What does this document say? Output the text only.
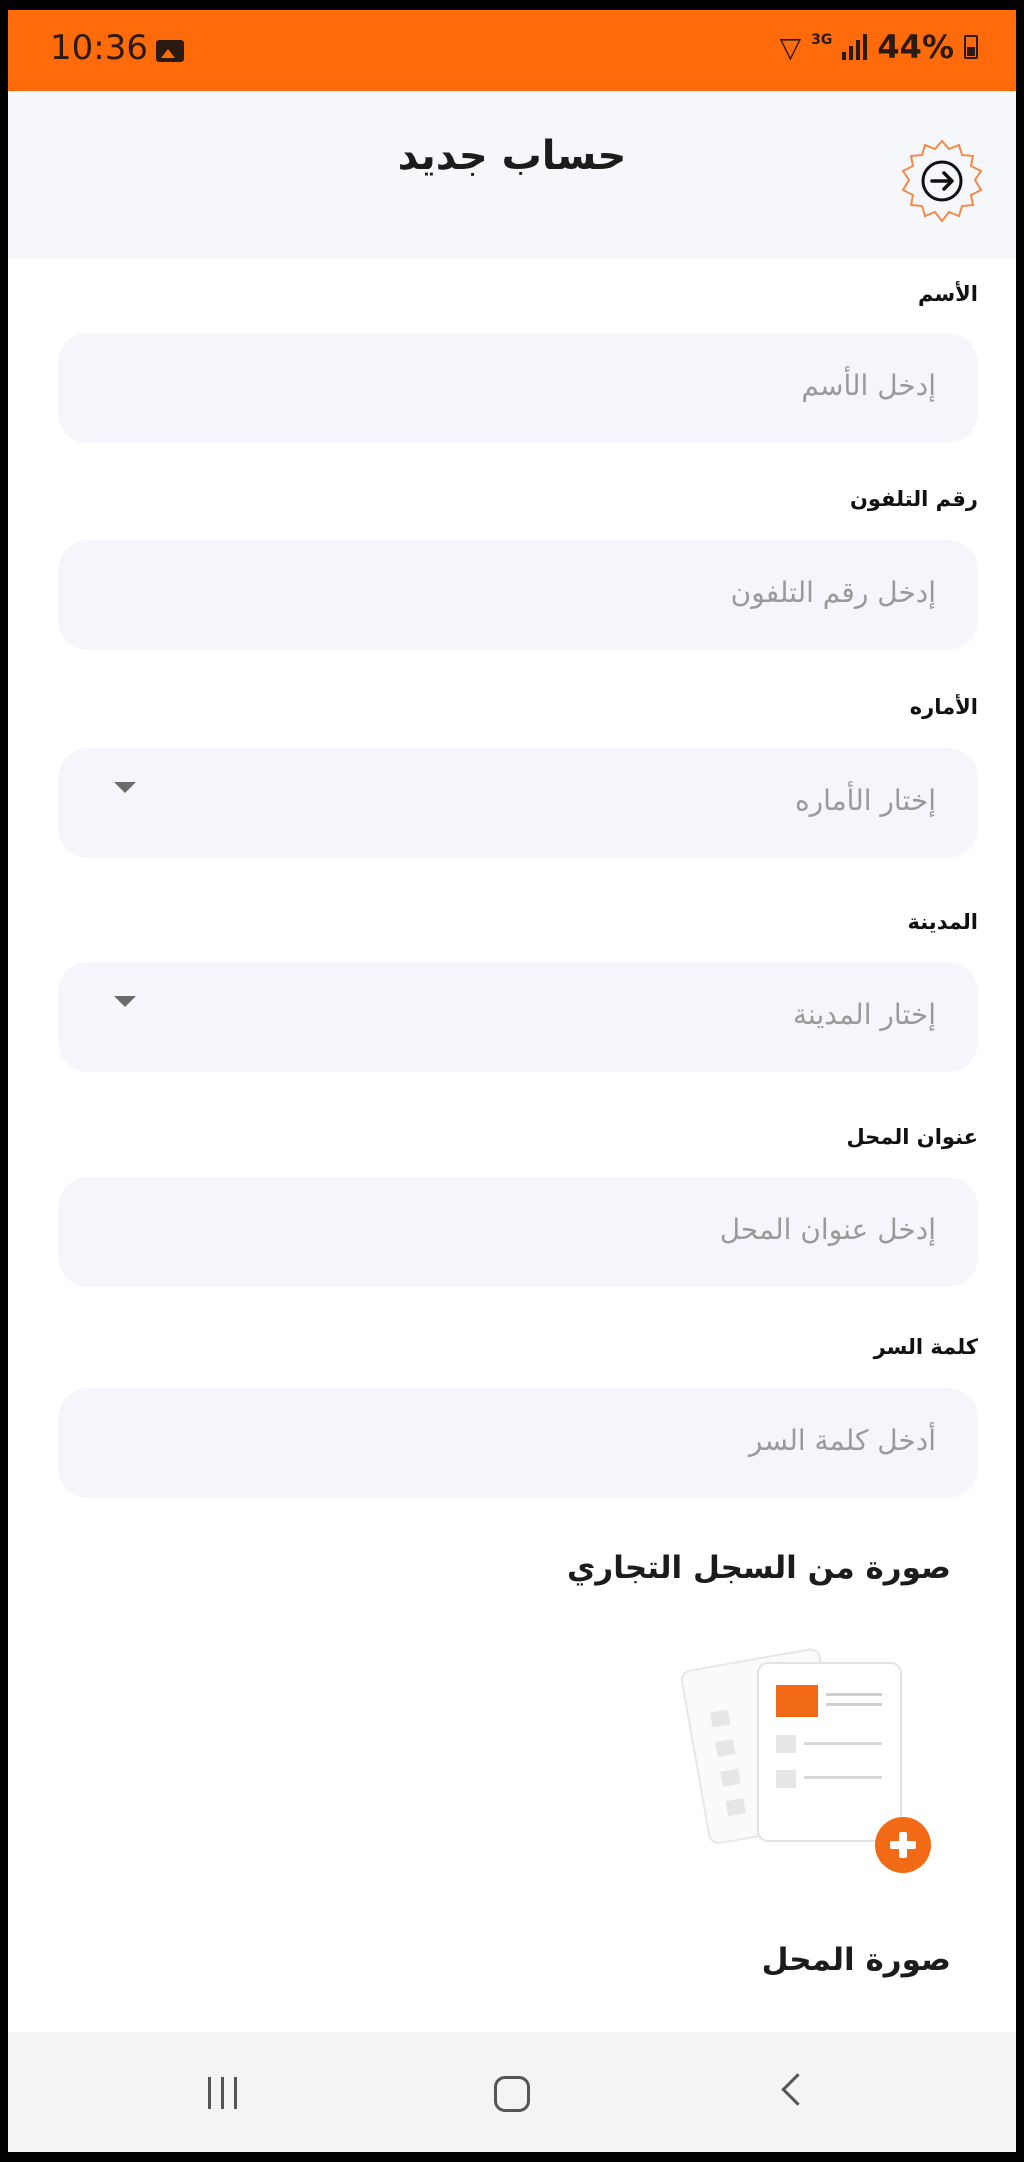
10:36	▽ 3G 44%
حساب جديد
الأسم
إدخل الأسم
رقم التلفون
إدخل رقم التلفون
الأماره
إختار الأماره
المدينة
إختار المدينة
عنوان المحل
إدخل عنوان المحل
كلمة السر
أدخل كلمة السر
صورة من السجل التجاري
صورة المحل
